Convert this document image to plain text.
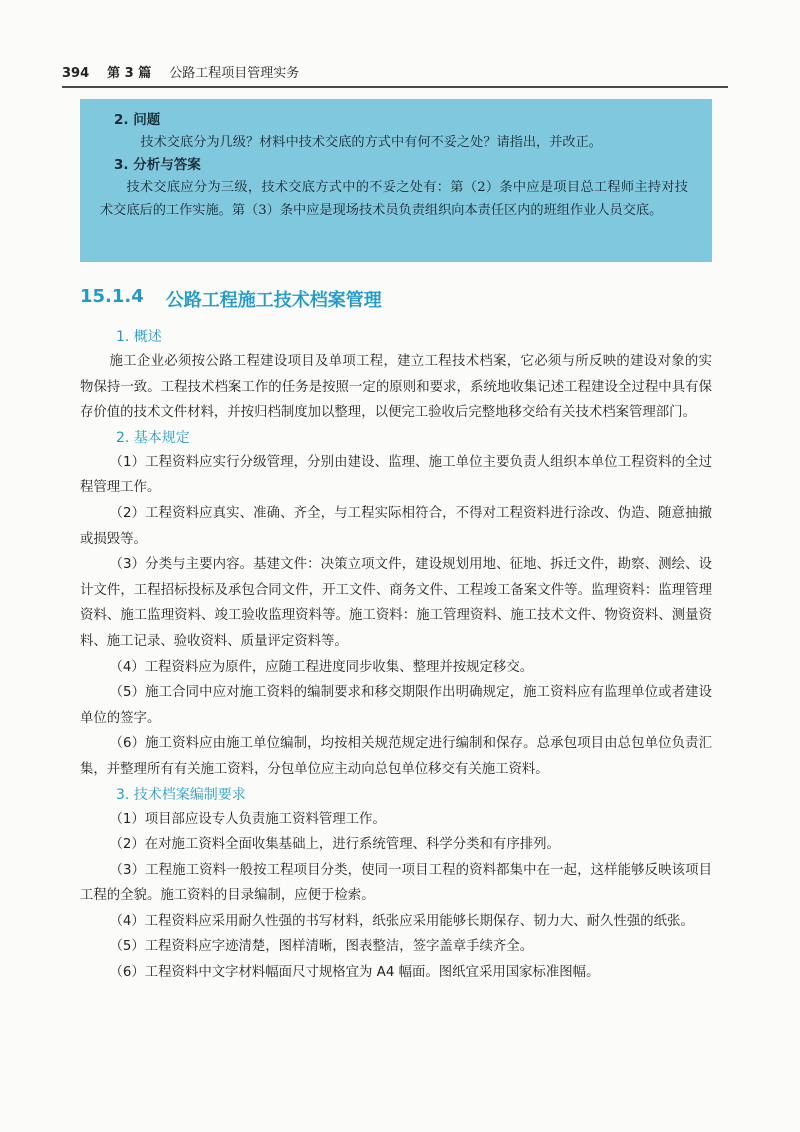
394 第 3 篇 公路工程项目管理实务
2. 问题
技术交底分为几级？材料中技术交底的方式中有何不妥之处？请指出，并改正。
3. 分析与答案
技术交底应分为三级，技术交底方式中的不妥之处有：第（2）条中应是项目总工程师主持对技术交底后的工作实施。第（3）条中应是现场技术员负责组织向本责任区内的班组作业人员交底。
15.1.4 公路工程施工技术档案管理
1. 概述

施工企业必须按公路工程建设项目及单项工程，建立工程技术档案，它必须与所反映的建设对象的实物保持一致。工程技术档案工作的任务是按照一定的原则和要求，系统地收集记述工程建设全过程中具有保存价值的技术文件材料，并按归档制度加以整理，以便完工验收后完整地移交给有关技术档案管理部门。

2. 基本规定

（1）工程资料应实行分级管理，分别由建设、监理、施工单位主要负责人组织本单位工程资料的全过程管理工作。

（2）工程资料应真实、准确、齐全，与工程实际相符合，不得对工程资料进行涂改、伪造、随意抽撤或损毁等。

（3）分类与主要内容。基建文件：决策立项文件，建设规划用地、征地、拆迁文件，勘察、测绘、设计文件，工程招标投标及承包合同文件，开工文件、商务文件、工程竣工备案文件等。监理资料：监理管理资料、施工监理资料、竣工验收监理资料等。施工资料：施工管理资料、施工技术文件、物资资料、测量资料、施工记录、验收资料、质量评定资料等。

（4）工程资料应为原件，应随工程进度同步收集、整理并按规定移交。

（5）施工合同中应对施工资料的编制要求和移交期限作出明确规定，施工资料应有监理单位或者建设单位的签字。

（6）施工资料应由施工单位编制，均按相关规范规定进行编制和保存。总承包项目由总包单位负责汇集，并整理所有有关施工资料，分包单位应主动向总包单位移交有关施工资料。

3. 技术档案编制要求

（1）项目部应设专人负责施工资料管理工作。

（2）在对施工资料全面收集基础上，进行系统管理、科学分类和有序排列。

（3）工程施工资料一般按工程项目分类，使同一项目工程的资料都集中在一起，这样能够反映该项目工程的全貌。施工资料的目录编制，应便于检索。

（4）工程资料应采用耐久性强的书写材料，纸张应采用能够长期保存、韧力大、耐久性强的纸张。

（5）工程资料应字迹清楚，图样清晰，图表整洁，签字盖章手续齐全。

（6）工程资料中文字材料幅面尺寸规格宜为 A4 幅面。图纸宜采用国家标准图幅。
